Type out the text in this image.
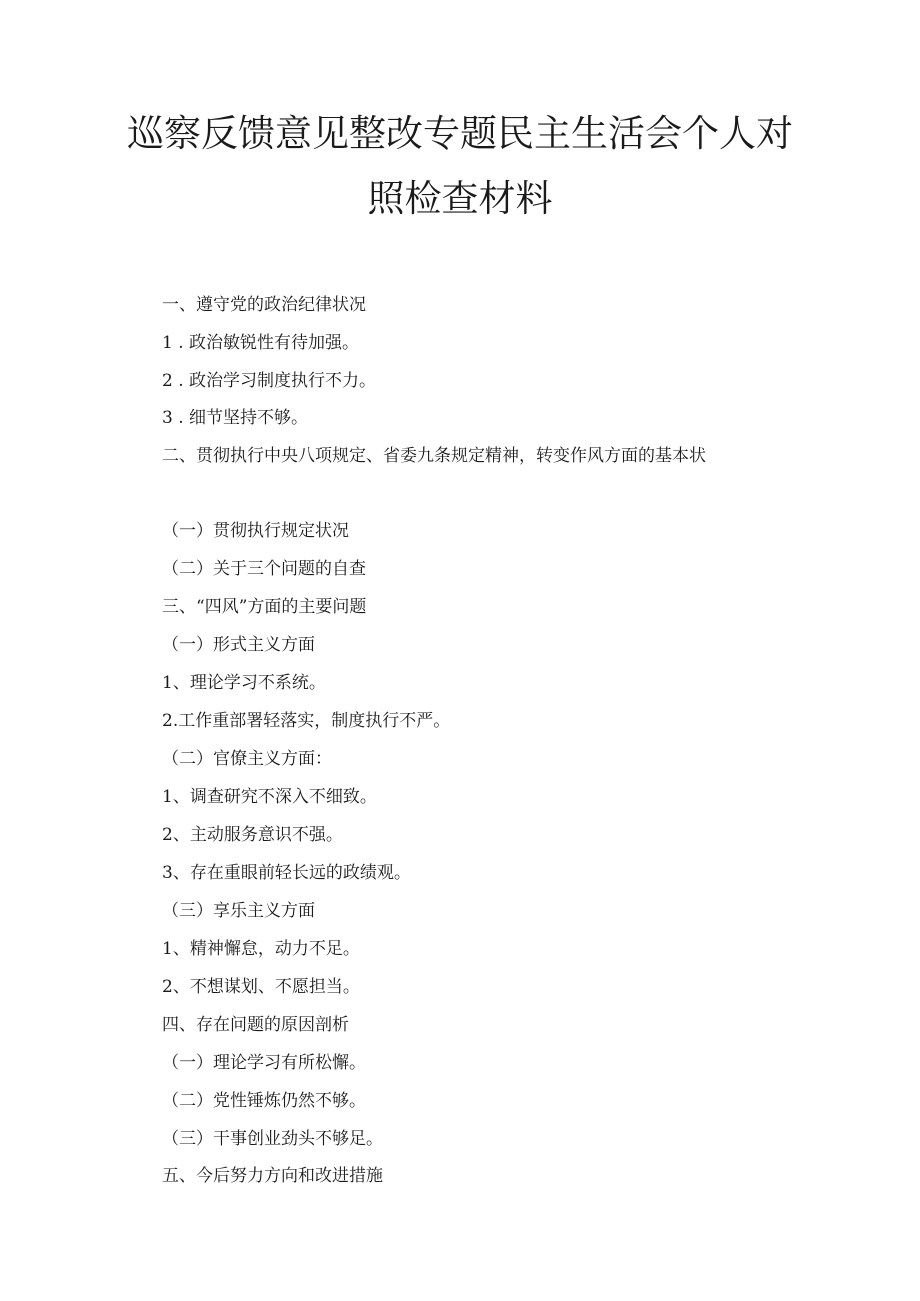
巡察反馈意见整改专题民主生活会个人对
照检查材料

一、遵守党的政治纪律状况

1 . 政治敏锐性有待加强。

2 . 政治学习制度执行不力。

3 . 细节坚持不够。

二、贯彻执行中央八项规定、省委九条规定精神，转变作风方面的基本状

（一）贯彻执行规定状况

（二）关于三个问题的自查

三、“四风”方面的主要问题

（一）形式主义方面

1、理论学习不系统。

2.工作重部署轻落实，制度执行不严。

（二）官僚主义方面：

1、调查研究不深入不细致。

2、主动服务意识不强。

3、存在重眼前轻长远的政绩观。

（三）享乐主义方面

1、精神懈怠，动力不足。

2、不想谋划、不愿担当。

四、存在问题的原因剖析

（一）理论学习有所松懈。

（二）党性锤炼仍然不够。

（三）干事创业劲头不够足。

五、今后努力方向和改进措施
